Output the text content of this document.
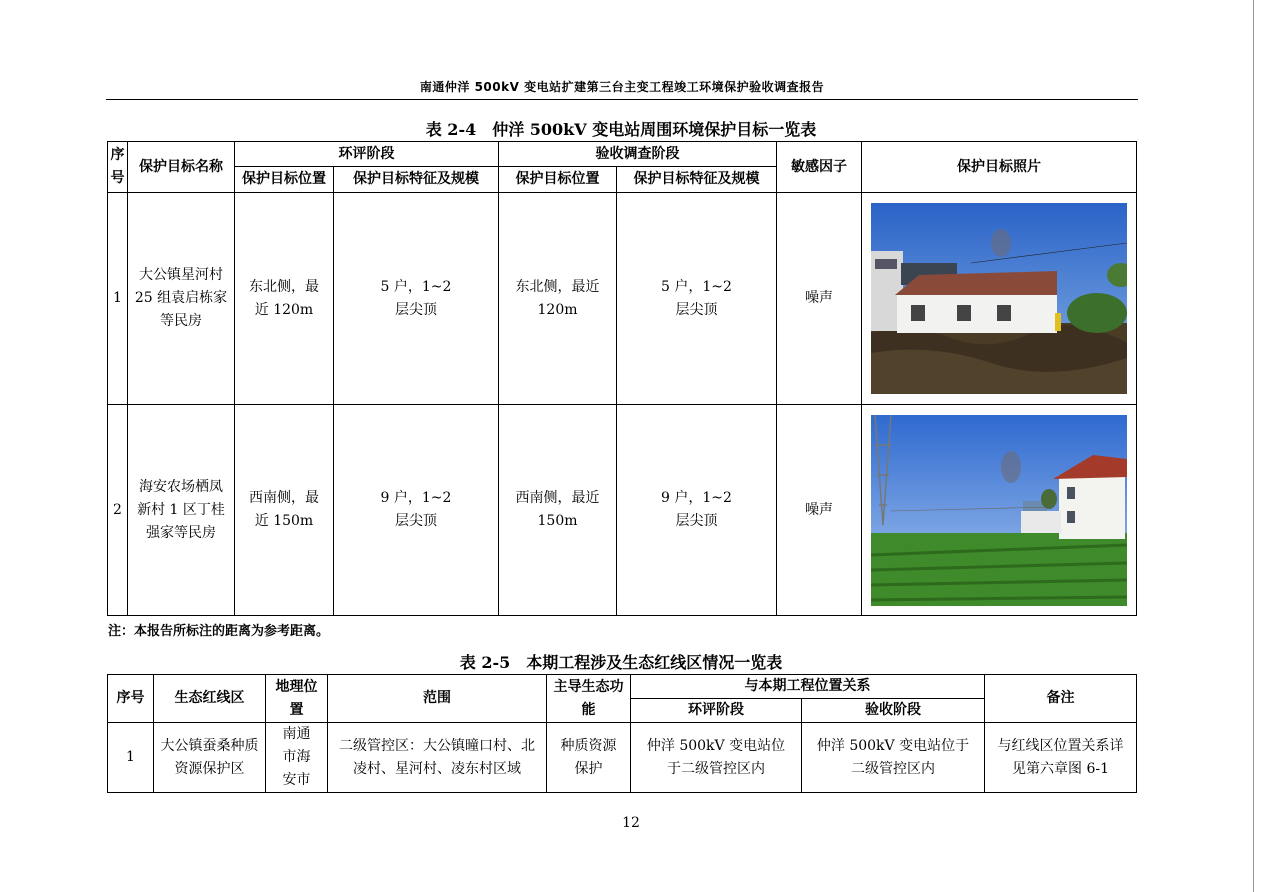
南通仲洋 500kV 变电站扩建第三台主变工程竣工环境保护验收调查报告
表 2-4　仲洋 500kV 变电站周围环境保护目标一览表
序号	保护目标名称	环评阶段		验收调查阶段		敏感因子	保护目标照片
		保护目标位置	保护目标特征及规模	保护目标位置	保护目标特征及规模		
1	大公镇星河村 25 组袁启栋家等民房	东北侧，最近 120m	5 户，1~2 层尖顶	东北侧，最近 120m	5 户，1~2 层尖顶	噪声	

2	海安农场栖凤新村 1 区丁桂强家等民房	西南侧，最近 150m	9 户，1~2 层尖顶	西南侧，最近 150m	9 户，1~2 层尖顶	噪声	
注：本报告所标注的距离为参考距离。
表 2-5　本期工程涉及生态红线区情况一览表
序号	生态红线区	地理位置	范围	主导生态功能	与本期工程位置关系		备注
					环评阶段	验收阶段	
1	大公镇蚕桑种质资源保护区	南通市海安市	二级管控区：大公镇曈口村、北凌村、星河村、凌东村区域	种质资源保护	仲洋 500kV 变电站位于二级管控区内	仲洋 500kV 变电站位于二级管控区内	与红线区位置关系详见第六章图 6-1
12
